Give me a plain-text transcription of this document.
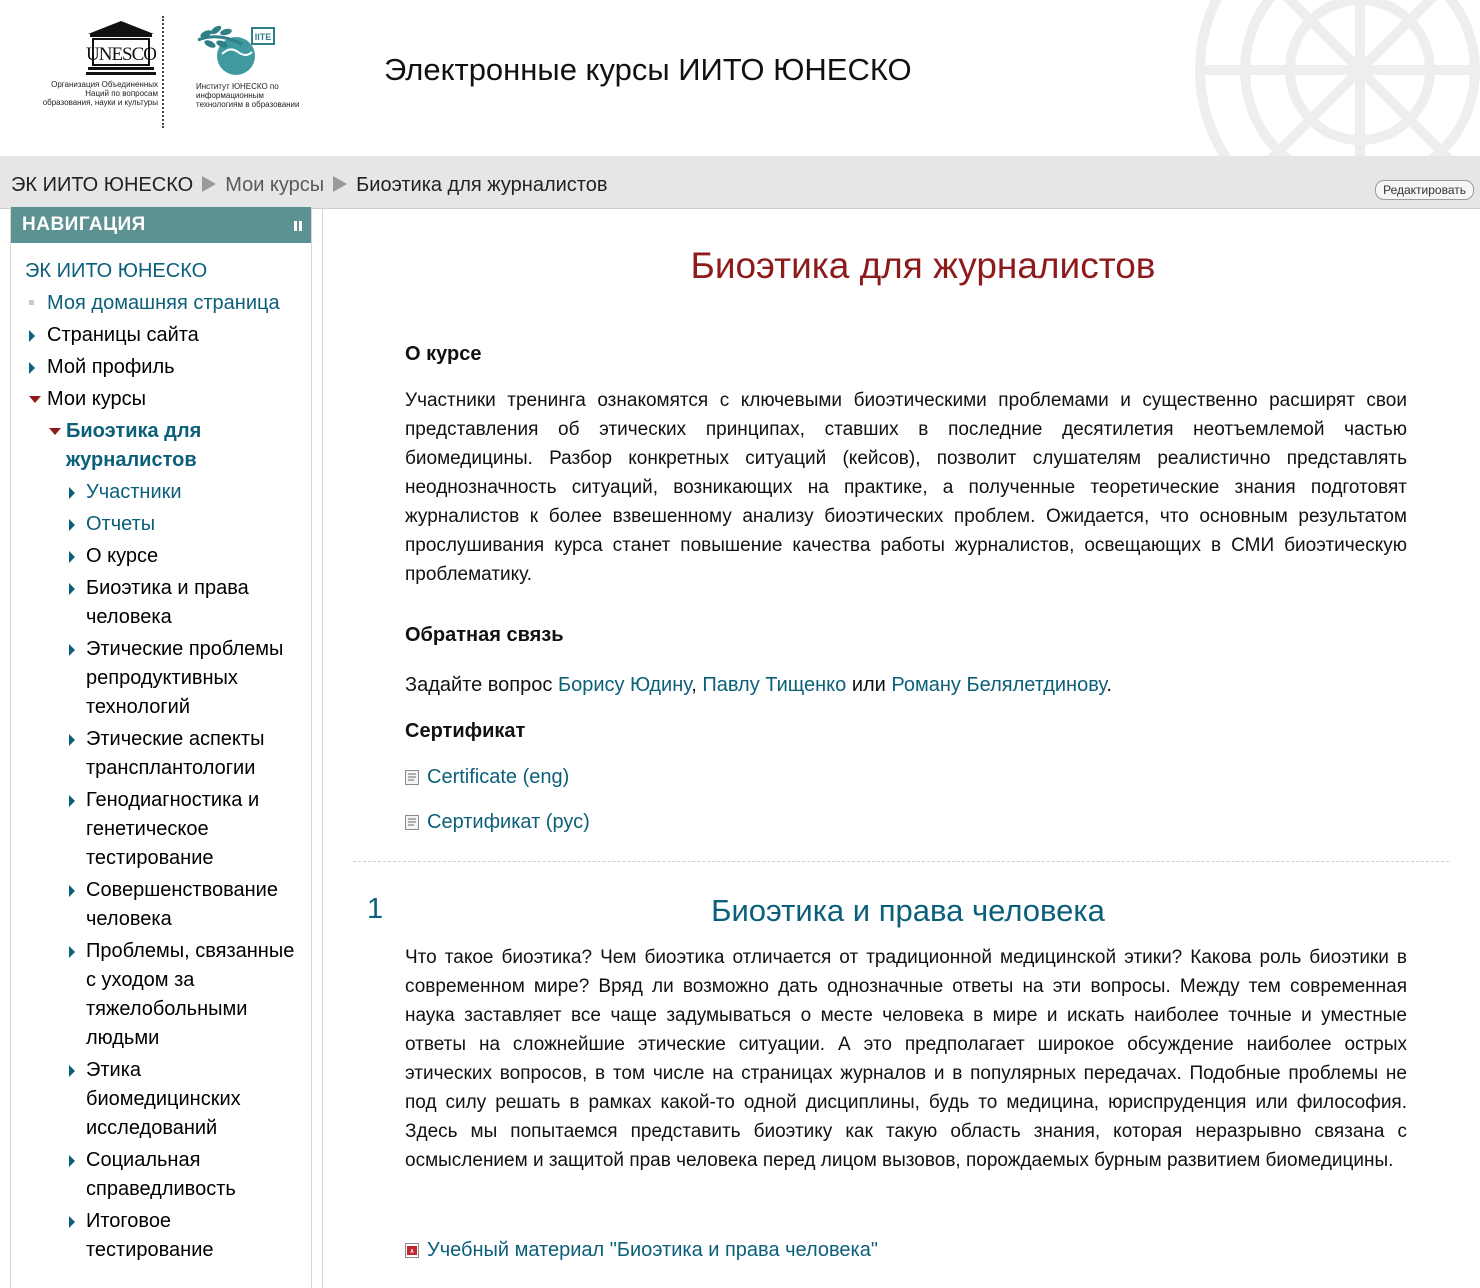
UNESCO
Организация Объединенных Наций по вопросам образования, науки и культуры
IITE
Институт ЮНЕСКО по информационным технологиям в образовании
Электронные курсы ИИТО ЮНЕСКО
ЭК ИИТО ЮНЕСКО Мои курсы Биоэтика для журналистов	Редактировать
НАВИГАЦИЯ
ЭК ИИТО ЮНЕСКО
Моя домашняя страница
Страницы сайта
Мой профиль
Мои курсы
Биоэтика для журналистов
Участники
Отчеты
О курсе
Биоэтика и права человека
Этические проблемы репродуктивных технологий
Этические аспекты трансплантологии
Генодиагностика и генетическое тестирование
Совершенствование человека
Проблемы, связанные с уходом за тяжелобольными людьми
Этика биомедицинских исследований
Социальная справедливость
Итоговое тестирование
Биоэтика для журналистов
О курсе
Участники тренинга ознакомятся с ключевыми биоэтическими проблемами и существенно расширят свои представления об этических принципах, ставших в последние десятилетия неотъемлемой частью биомедицины. Разбор конкретных ситуаций (кейсов), позволит слушателям реалистично представлять неоднозначность ситуаций, возникающих на практике, а полученные теоретические знания подготовят журналистов к более взвешенному анализу биоэтических проблем. Ожидается, что основным результатом прослушивания курса станет повышение качества работы журналистов, освещающих в СМИ биоэтическую проблематику.
Обратная связь
Задайте вопрос Борису Юдину, Павлу Тищенко или Роману Белялетдинову.
Сертификат
Certificate (eng)
Сертификат (рус)
1	Биоэтика и права человека
Что такое биоэтика? Чем биоэтика отличается от традиционной медицинской этики? Какова роль биоэтики в современном мире? Вряд ли возможно дать однозначные ответы на эти вопросы. Между тем современная наука заставляет все чаще задумываться о месте человека в мире и искать наиболее точные и уместные ответы на сложнейшие этические ситуации. А это предполагает широкое обсуждение наиболее острых этических вопросов, в том числе на страницах журналов и в популярных передачах. Подобные проблемы не под силу решать в рамках какой-то одной дисциплины, будь то медицина, юриспруденция или философия. Здесь мы попытаемся представить биоэтику как такую область знания, которая неразрывно связана с осмыслением и защитой прав человека перед лицом вызовов, порождаемых бурным развитием биомедицины.
A Учебный материал "Биоэтика и права человека"
